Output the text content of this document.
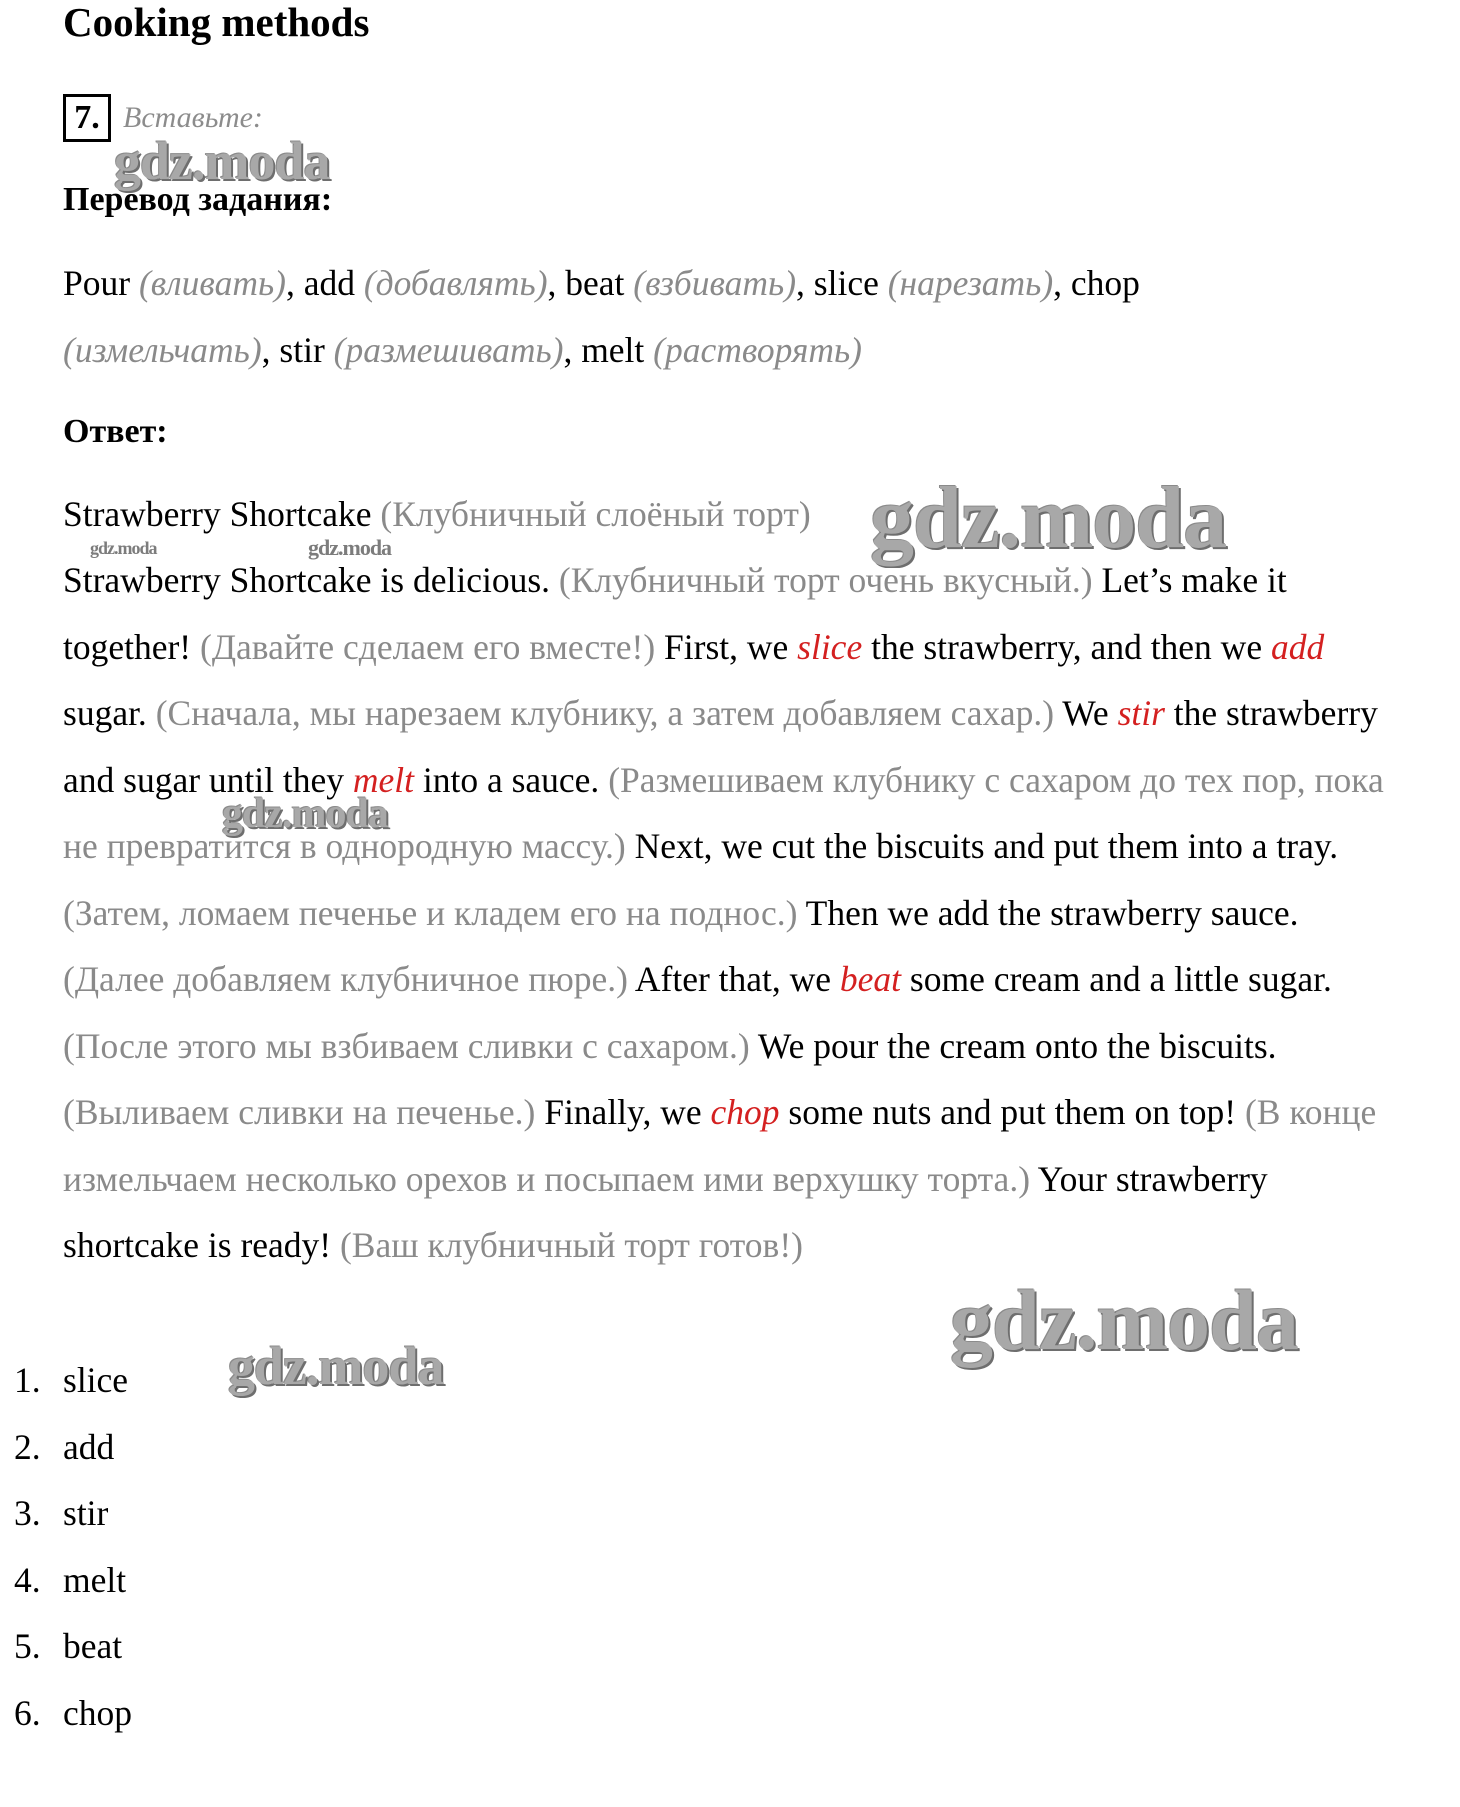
Cooking methods
7. Вставьте:
Перевод задания:

Pour (вливать), add (добавлять), beat (взбивать), slice (нарезать), chop (измельчать), stir (размешивать), melt (растворять)

Ответ:

Strawberry Shortcake (Клубничный слоёный торт)

Strawberry Shortcake is delicious. (Клубничный торт очень вкусный.) Let’s make it together! (Давайте сделаем его вместе!) First, we slice the strawberry, and then we add sugar. (Сначала, мы нарезаем клубнику, а затем добавляем сахар.) We stir the strawberry and sugar until they melt into a sauce. (Размешиваем клубнику с сахаром до тех пор, пока не превратится в однородную массу.) Next, we cut the biscuits and put them into a tray. (Затем, ломаем печенье и кладем его на поднос.) Then we add the strawberry sauce. (Далее добавляем клубничное пюре.) After that, we beat some cream and a little sugar. (После этого мы взбиваем сливки с сахаром.) We pour the cream onto the biscuits. (Выливаем сливки на печенье.) Finally, we chop some nuts and put them on top! (В конце измельчаем несколько орехов и посыпаем ими верхушку торта.) Your strawberry shortcake is ready! (Ваш клубничный торт готов!)

1. slice
2. add
3. stir
4. melt
5. beat
6. chop
gdz.moda
gdz.moda
gdz.moda	gdz.moda
gdz.moda
gdz.moda
gdz.moda
